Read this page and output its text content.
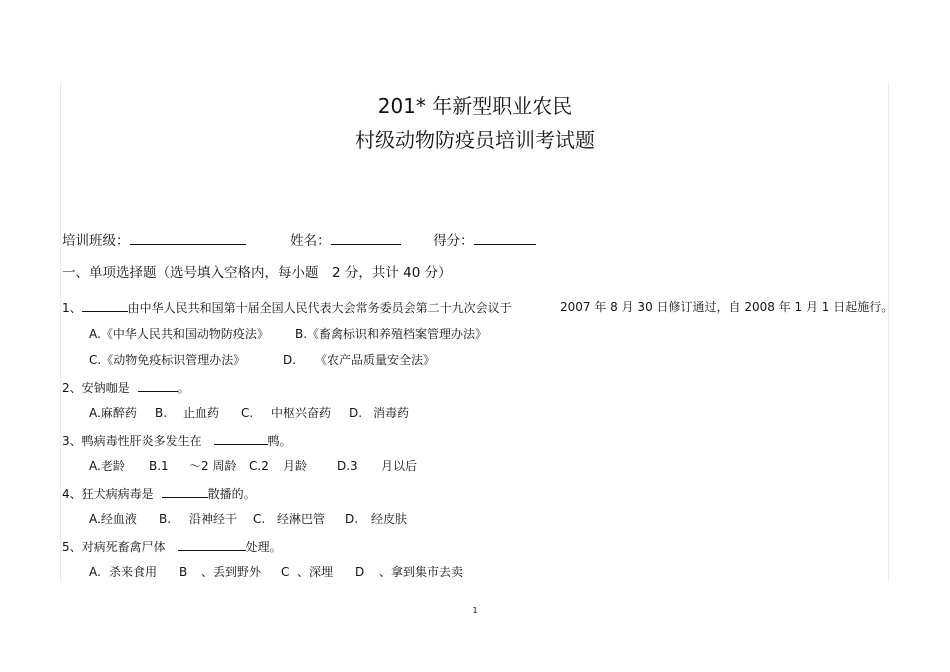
201* 年新型职业农民
村级动物防疫员培训考试题
培训班级：	姓名：	得分：
一、单项选择题（选号填入空格内，每小题　2 分，共计 40 分）
1、	由中华人民共和国第十届全国人民代表大会常务委员会第二十九次会议于	2007 年 8 月 30 日修订通过，自 2008 年 1 月 1 日起施行。
A.《中华人民共和国动物防疫法》 B.《畜禽标识和养殖档案管理办法》
C.《动物免疫标识管理办法》	D. 《农产品质量安全法》
2、安钠咖是	。
A.麻醉药 B. 止血药 C. 中枢兴奋药 D. 消毒药
3、鸭病毒性肝炎多发生在	鸭。
A.老龄 B.1 ～2 周龄 C.2 月龄 D.3 月以后
4、狂犬病病毒是	散播的。
A.经血液 B. 沿神经干 C. 经淋巴管 D. 经皮肤
5、对病死畜禽尸体	处理。
A. 杀来食用 B 、丢到野外 C 、深埋 D 、拿到集市去卖
1
